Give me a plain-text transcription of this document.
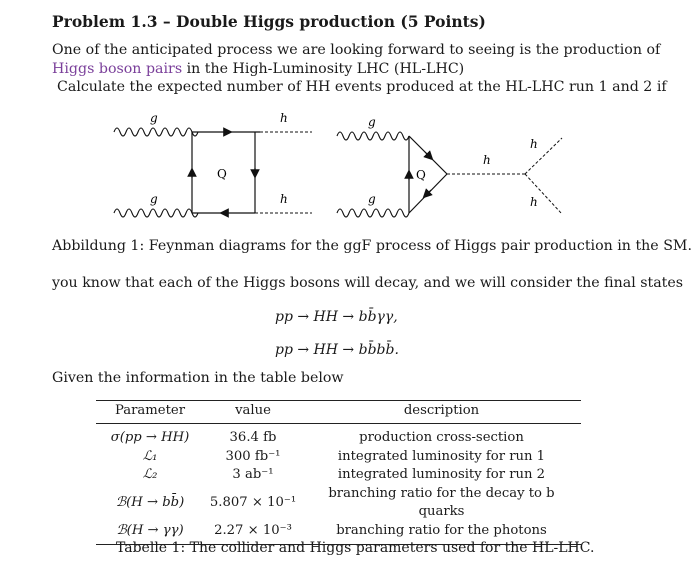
Problem 1.3 – Double Higgs production (5 Points)
One of the anticipated process we are looking forward to seeing is the production of
Higgs boson pairs in the High-Luminosity LHC (HL-LHC)
Calculate the expected number of HH events produced at the HL-LHC run 1 and 2 if
g
g
Q
h
h
g
g
Q
h
h
h
Abbildung 1: Feynman diagrams for the ggF process of Higgs pair production in the SM.
you know that each of the Higgs bosons will decay, and we will consider the final states
pp → HH → bb̄γγ,
pp → HH → bb̄bb̄.
Given the information in the table below
Parameter	value	description
σ(pp → HH)	36.4 fb	production cross-section
ℒ₁	300 fb⁻¹	integrated luminosity for run 1
ℒ₂	3 ab⁻¹	integrated luminosity for run 2
ℬ(H → bb̄)	5.807 × 10⁻¹	branching ratio for the decay to b quarks
ℬ(H → γγ)	2.27 × 10⁻³	branching ratio for the photons
Tabelle 1: The collider and Higgs parameters used for the HL-LHC.
